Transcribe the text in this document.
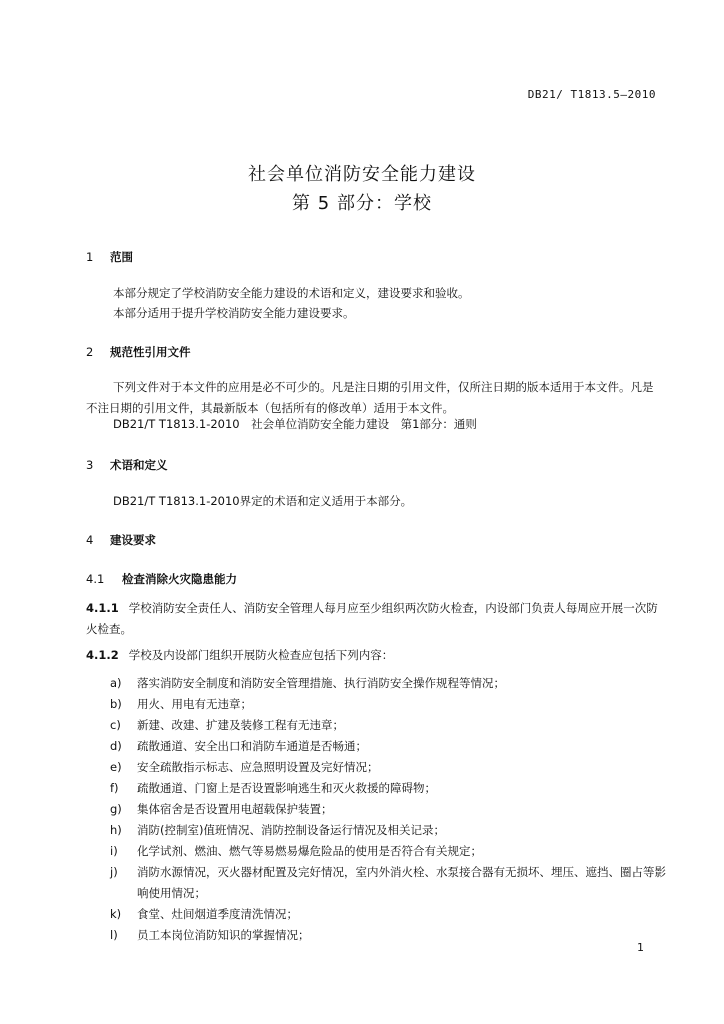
DB21/ T1813.5—2010
社会单位消防安全能力建设
第 5 部分：学校
1 范围
本部分规定了学校消防安全能力建设的术语和定义，建设要求和验收。
本部分适用于提升学校消防安全能力建设要求。
2 规范性引用文件
下列文件对于本文件的应用是必不可少的。凡是注日期的引用文件，仅所注日期的版本适用于本文件。凡是不注日期的引用文件，其最新版本（包括所有的修改单）适用于本文件。
DB21/T T1813.1-2010　社会单位消防安全能力建设　第1部分：通则
3 术语和定义
DB21/T T1813.1-2010界定的术语和定义适用于本部分。
4 建设要求
4.1 检查消除火灾隐患能力
4.1.1 学校消防安全责任人、消防安全管理人每月应至少组织两次防火检查，内设部门负责人每周应开展一次防火检查。
4.1.2 学校及内设部门组织开展防火检查应包括下列内容：
a)	落实消防安全制度和消防安全管理措施、执行消防安全操作规程等情况；
b)	用火、用电有无违章；
c)	新建、改建、扩建及装修工程有无违章；
d)	疏散通道、安全出口和消防车通道是否畅通；
e)	安全疏散指示标志、应急照明设置及完好情况；
f)	疏散通道、门窗上是否设置影响逃生和灭火救援的障碍物；
g)	集体宿舍是否设置用电超载保护装置；
h)	消防(控制室)值班情况、消防控制设备运行情况及相关记录；
i)	化学试剂、燃油、燃气等易燃易爆危险品的使用是否符合有关规定；
j)	消防水源情况，灭火器材配置及完好情况，室内外消火栓、水泵接合器有无损坏、埋压、遮挡、圈占等影响使用情况；
k)	食堂、灶间烟道季度清洗情况；
l)	员工本岗位消防知识的掌握情况；
1
